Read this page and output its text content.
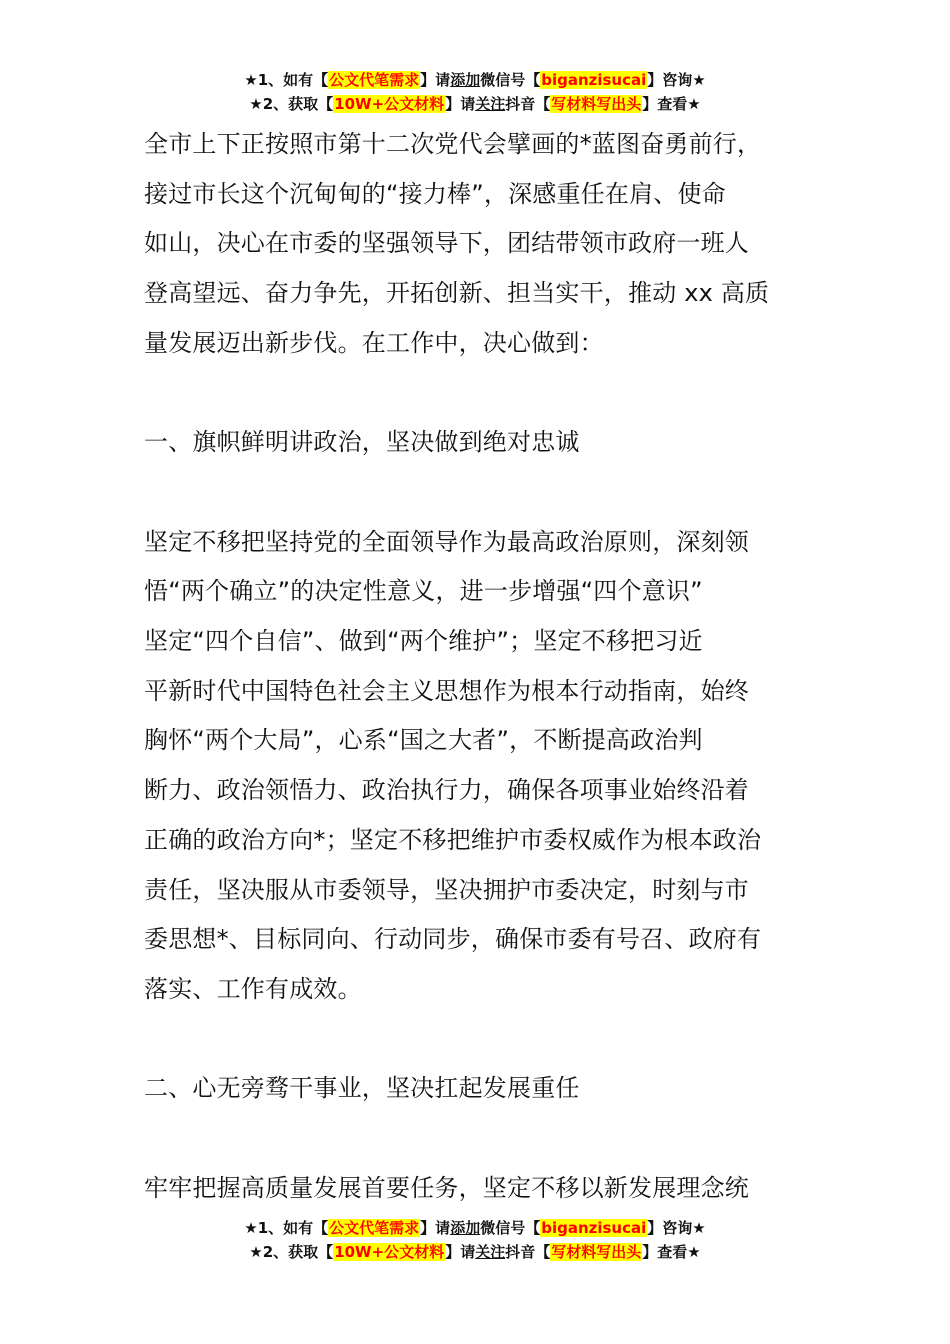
★1、如有【公文代笔需求】请添加微信号【biganzisucai】咨询★
★2、获取【10W+公文材料】请关注抖音【写材料写出头】查看★

全市上下正按照市第十二次党代会擘画的*蓝图奋勇前行，

接过市长这个沉甸甸的“接力棒”，深感重任在肩、使命

如山，决心在市委的坚强领导下，团结带领市政府一班人

登高望远、奋力争先，开拓创新、担当实干，推动 xx 高质

量发展迈出新步伐。在工作中，决心做到：

一、旗帜鲜明讲政治，坚决做到绝对忠诚

坚定不移把坚持党的全面领导作为最高政治原则，深刻领

悟“两个确立”的决定性意义，进一步增强“四个意识”

坚定“四个自信”、做到“两个维护”；坚定不移把习近

平新时代中国特色社会主义思想作为根本行动指南，始终

胸怀“两个大局”，心系“国之大者”，不断提高政治判

断力、政治领悟力、政治执行力，确保各项事业始终沿着

正确的政治方向*；坚定不移把维护市委权威作为根本政治

责任，坚决服从市委领导，坚决拥护市委决定，时刻与市

委思想*、目标同向、行动同步，确保市委有号召、政府有

落实、工作有成效。

二、心无旁骛干事业，坚决扛起发展重任

牢牢把握高质量发展首要任务，坚定不移以新发展理念统

★1、如有【公文代笔需求】请添加微信号【biganzisucai】咨询★
★2、获取【10W+公文材料】请关注抖音【写材料写出头】查看★
